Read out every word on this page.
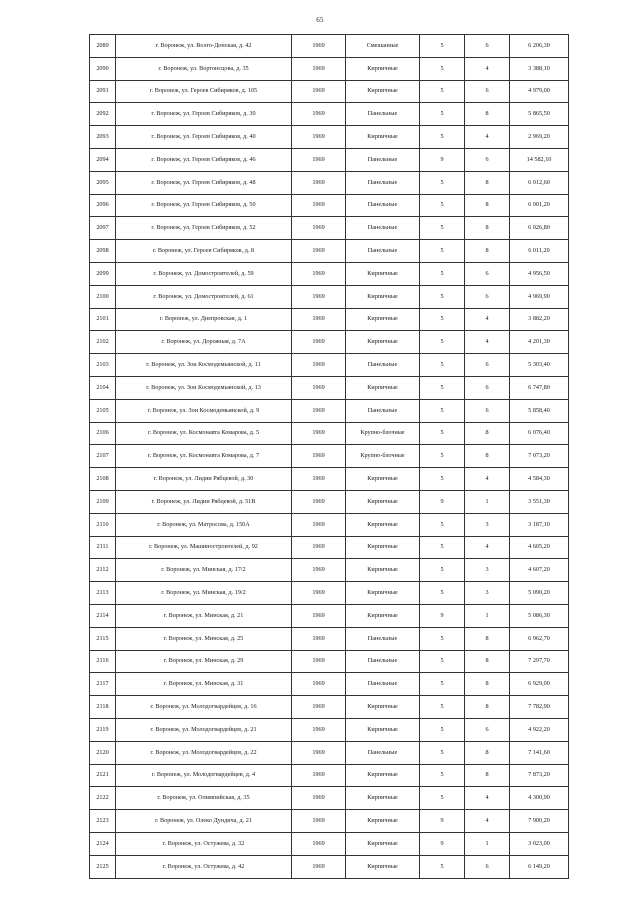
65
2089	г. Воронеж, ул. Волго-Донская, д. 42	1969	Смешанные	5	6	6 206,30
2090	г. Воронеж, ул. Вортонсцова, д. 35	1969	Кирпичные	5	4	3 388,10
2091	г. Воронеж, ул. Героев Сибиряков, д. 105	1969	Кирпичные	5	6	4 979,00
2092	г. Воронеж, ул. Героев Сибиряков, д. 30	1969	Панельные	5	8	5 865,50
2093	г. Воронеж, ул. Героев Сибиряков, д. 40	1969	Кирпичные	5	4	2 969,20
2094	г. Воронеж, ул. Героев Сибиряков, д. 46	1969	Панельные	9	6	14 582,10
2095	г. Воронеж, ул. Героев Сибиряков, д. 48	1969	Панельные	5	8	6 012,60
2096	г. Воронеж, ул. Героев Сибиряков, д. 50	1969	Панельные	5	8	6 001,20
2097	г. Воронеж, ул. Героев Сибиряков, д. 52	1969	Панельные	5	8	6 026,80
2098	г. Воронеж, ул. Героев Сибиряков, д. 8	1969	Панельные	5	8	6 011,20
2099	г. Воронеж, ул. Домостроителей, д. 59	1969	Кирпичные	5	6	4 956,50
2100	г. Воронеж, ул. Домостроителей, д. 61	1969	Кирпичные	5	6	4 969,90
2101	г. Воронеж, ул. Днепровская, д. 1	1969	Кирпичные	5	4	3 882,20
2102	г. Воронеж, ул. Дорожная, д. 7А	1969	Кирпичные	5	4	4 201,30
2103	г. Воронеж, ул. Зои Космодемьянской, д. 11	1969	Панельные	5	6	5 303,40
2104	г. Воронеж, ул. Зои Космодемьянской, д. 13	1969	Кирпичные	5	6	6 747,80
2105	г. Воронеж, ул. Зои Космодемьянской, д. 9	1969	Панельные	5	6	5 858,40
2106	г. Воронеж, ул. Космонавта Комарова, д. 5	1969	Крупно-блочные	5	8	6 076,40
2107	г. Воронеж, ул. Космонавта Комарова, д. 7	1969	Крупно-блочные	5	8	7 073,20
2108	г. Воронеж, ул. Лидии Рябцевой, д. 30	1969	Кирпичные	5	4	4 584,30
2109	г. Воронеж, ул. Лидии Рябцевой, д. 51В	1969	Кирпичные	9	1	3 551,30
2110	г. Воронеж, ул. Матросова, д. 150А	1969	Кирпичные	5	3	3 187,10
2111	г. Воронеж, ул. Машиностроителей, д. 92	1969	Кирпичные	5	4	4 605,20
2112	г. Воронеж, ул. Минская, д. 17/2	1969	Кирпичные	5	3	4 607,20
2113	г. Воронеж, ул. Минская, д. 19/2	1969	Кирпичные	5	3	5 090,20
2114	г. Воронеж, ул. Минская, д. 21	1969	Кирпичные	9	1	5 086,30
2115	г. Воронеж, ул. Минская, д. 25	1969	Панельные	5	8	6 962,70
2116	г. Воронеж, ул. Минская, д. 29	1969	Панельные	5	8	7 297,70
2117	г. Воронеж, ул. Минская, д. 31	1969	Панельные	5	8	6 929,00
2118	г. Воронеж, ул. Молодогвардейцев, д. 16	1969	Кирпичные	5	8	7 782,90
2119	г. Воронеж, ул. Молодогвардейцев, д. 21	1969	Кирпичные	5	6	4 922,20
2120	г. Воронеж, ул. Молодогвардейцев, д. 22	1969	Панельные	5	8	7 141,60
2121	г. Воронеж, ул. Молодогвардейцев, д. 4	1969	Кирпичные	5	8	7 873,20
2122	г. Воронеж, ул. Олимпийская, д. 35	1969	Кирпичные	5	4	4 300,90
2123	г. Воронеж, ул. Олеко Дундича, д. 21	1969	Кирпичные	9	4	7 900,20
2124	г. Воронеж, ул. Остужева, д. 32	1969	Кирпичные	9	1	3 023,00
2125	г. Воронеж, ул. Остужева, д. 42	1969	Кирпичные	5	6	6 149,20
